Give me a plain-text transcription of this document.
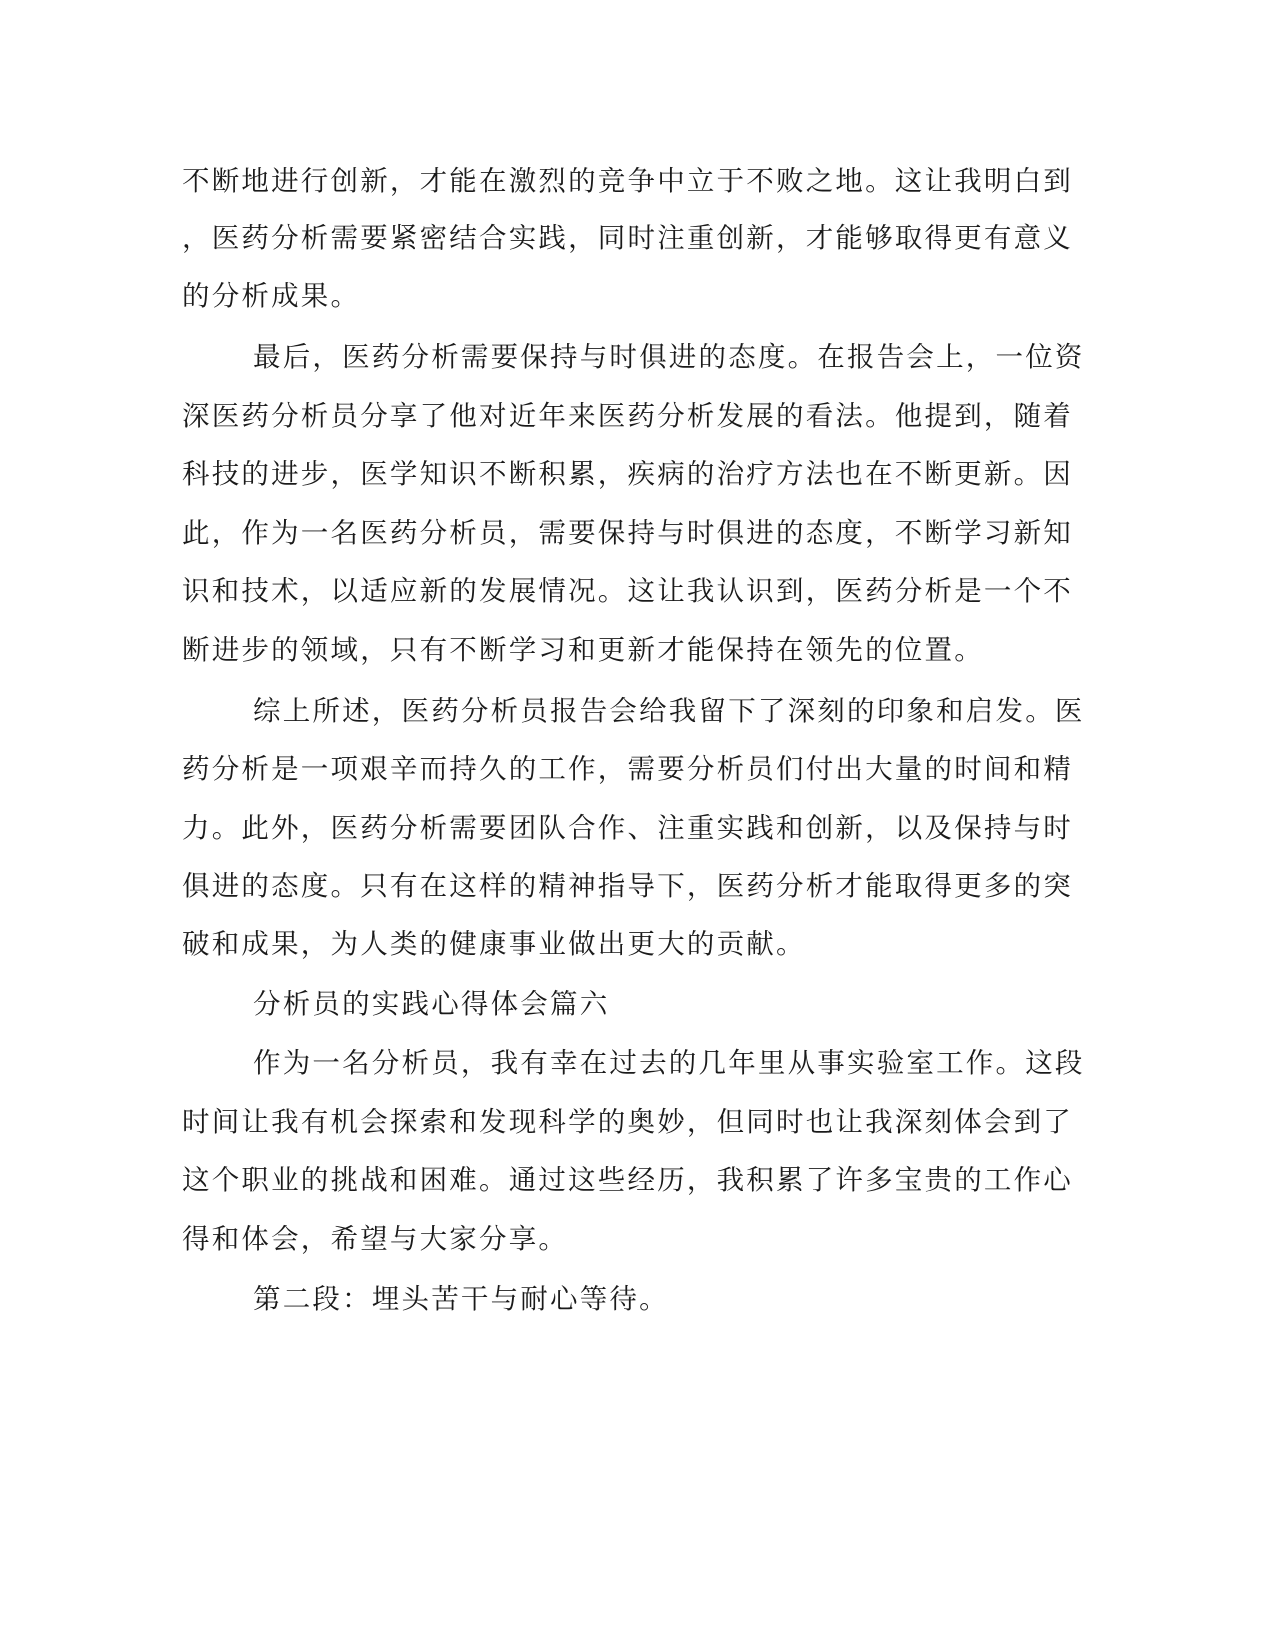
不断地进行创新，才能在激烈的竞争中立于不败之地。这让我明白到

，医药分析需要紧密结合实践，同时注重创新，才能够取得更有意义

的分析成果。

最后，医药分析需要保持与时俱进的态度。在报告会上，一位资

深医药分析员分享了他对近年来医药分析发展的看法。他提到，随着

科技的进步，医学知识不断积累，疾病的治疗方法也在不断更新。因

此，作为一名医药分析员，需要保持与时俱进的态度，不断学习新知

识和技术，以适应新的发展情况。这让我认识到，医药分析是一个不

断进步的领域，只有不断学习和更新才能保持在领先的位置。

综上所述，医药分析员报告会给我留下了深刻的印象和启发。医

药分析是一项艰辛而持久的工作，需要分析员们付出大量的时间和精

力。此外，医药分析需要团队合作、注重实践和创新，以及保持与时

俱进的态度。只有在这样的精神指导下，医药分析才能取得更多的突

破和成果，为人类的健康事业做出更大的贡献。

分析员的实践心得体会篇六

作为一名分析员，我有幸在过去的几年里从事实验室工作。这段

时间让我有机会探索和发现科学的奥妙，但同时也让我深刻体会到了

这个职业的挑战和困难。通过这些经历，我积累了许多宝贵的工作心

得和体会，希望与大家分享。

第二段：埋头苦干与耐心等待。
